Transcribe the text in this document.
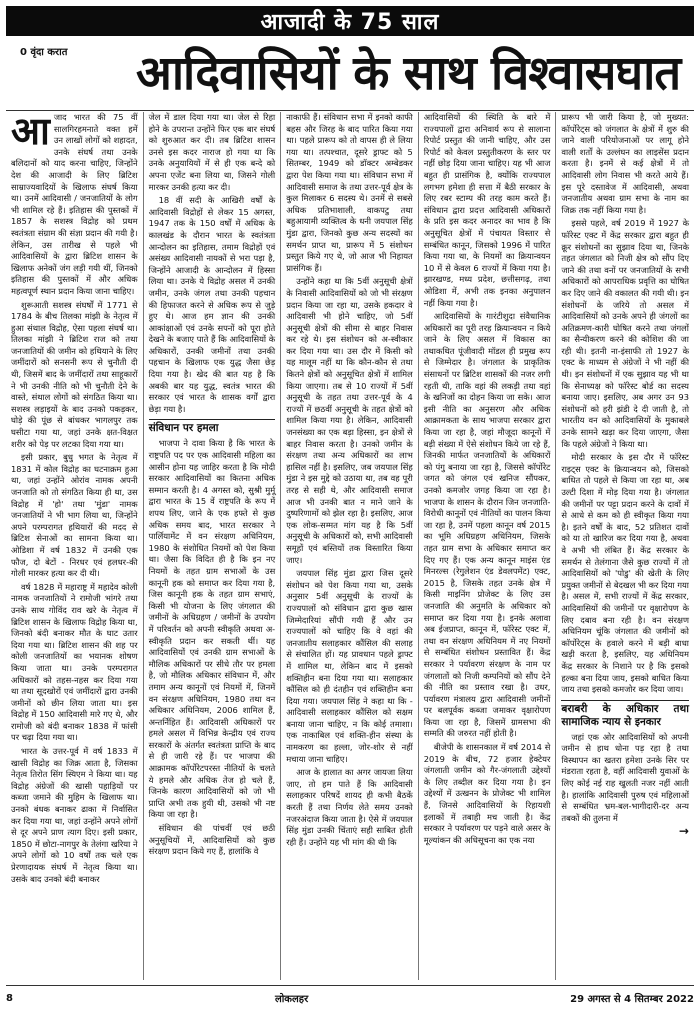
आजादी के 75 साल
0 वृंदा करात आदिवासियों के साथ विश्वासघात
आ जाद भारत की 75 वीं सालगिरहमनाते वक्त हमें उन लाखों लोगों को शहादत, उनके संघर्ष तथा उनके बलिदानों को याद करना चाहिए, जिन्होंने देश की आजादी के लिए ब्रिटिश साम्राज्यवादियों के खिलाफ संघर्ष किया था। उनमें आदिवासी / जनजातियों के लोग भी शामिल रहे हैं। इतिहास की पुस्तकों में 1857 के सशस्त्र विद्रोह को प्रथम स्वतंत्रता संग्राम की संज्ञा प्रदान की गयी है। लेकिन, उस तारीख से पहले भी आदिवासियों के द्वारा ब्रिटिश शासन के खिलाफ अनेकों जंग लड़ी गयी थीं, जिनको इतिहास की पुस्तकों में और अधिक महत्वपूर्ण स्थान प्रदान किया जाना चाहिए।

शुरूआती सशस्त्र संघर्षों में 1771 से 1784 के बीच तिलका मांझी के नेतृत्व में हुआ संथाल विद्रोह, ऐसा पहला संघर्ष था। तिलका मांझी ने ब्रिटिश राज को तथा जनजातियों की जमीन को हथियाने के लिए जमींदारों को सनसनी रूप से चुनौती दी थी, जिसमें बाद के जमींदारों तथा साहूकारों ने भी उनकी नीति को भी चुनौती देने के वास्ते, संथाल लोगों को संगठित किया था। सशस्त्र लड़ाइयों के बाद उनको पकड़कर, घोड़े की पूंछ से बांधकर भागलपुर तक घसीटा गया था, जहां उनके क्षत-विक्षत शरीर को पेड़ पर लटका दिया गया था।

इसी प्रकार, बुधु भगत के नेतृत्व में 1831 में कोल विद्रोह का घटनाक्रम हुआ था, जहां उन्होंने ओरांव नामक अपनी जनजाति को तो संगठित किया ही था, उस विद्रोह में 'हो' तथा 'मुंडा' नामक जनजातियों ने भी भाग लिया था, जिन्होंने अपने परम्परागत हथियारों की मदद से ब्रिटिश सेनाओं का सामना किया था। ओडिशा में वर्ष 1832 में उनकी एक फौज, दो बेटों - निरधर एवं हलधर-की गोली मारकर हत्या कर दी थी।

वर्ष 1828 में महाराष्ट्र में महादेव कोली नामक जनजातियों ने रामोजी भांगरे तथा उनके साथ गोविंद राव खरे के नेतृत्व में ब्रिटिश शासन के खिलाफ विद्रोह किया था, जिनको बंदी बनाकर मौत के घाट उतार दिया गया था। ब्रिटिश शासन की शह पर कोली जनजातियों का भयानक शोषण किया जाता था। उनके परम्परागत अधिकारों को तहस-नहस कर दिया गया था तथा सूदखोरों एवं जमींदारों द्वारा उनकी जमीनों को छीन लिया जाता था। इस विद्रोह में 150 आदिवासी मारे गए थे, और रामोजी को बंदी बनाकर 1838 में फांसी पर चढ़ा दिया गया था।

भारत के उत्तर-पूर्व में वर्ष 1833 में खासी विद्रोह का जिक्र आता है, जिसका नेतृत्व तिरोत सिंग स्यिएम ने किया था। यह विद्रोह अंग्रेजों की खासी पहाड़ियों पर कब्जा जमाने की मुहिम के खिलाफ था। उनको बंधक बनाकर ढाका में निर्वासित कर दिया गया था, जहां उन्होंने अपने लोगों से दूर अपने प्राण त्याग दिए। इसी प्रकार, 1850 में छोटा-नागपुर के तेलंगा खरिया ने अपने लोगों को 10 वर्षों तक चले एक प्रेरणादायक संघर्ष में नेतृत्व किया था। उसके बाद उनको बंदी बनाकर

जेल में डाल दिया गया था। जेल से रिहा होने के उपरान्त उन्होंने फिर एक बार संघर्ष को शुरुआत कर दी। तब ब्रिटिश शासन उनसे इस कदर नाराज हो गया था कि उनके अनुयायियों में से ही एक बन्दे को अपना एजेंट बना लिया था, जिसने गोली मारकर उनकी हत्या कर दी।

18 वीं सदी के आखिरी वर्षों के आदिवासी विद्रोहों से लेकर 15 अगस्त, 1947 तक के 150 वर्षों में अधिक के कालखंड के दौरान भारत के स्वतंत्रता आन्दोलन का इतिहास, तमाम विद्रोहों एवं असंख्य आदिवासी नायकों से भरा पड़ा है, जिन्होंने आजादी के आन्दोलन में हिस्सा लिया था। उनके ये विद्रोह असल में उनकी जमीन, उनके जंगल तथा उनकी पहचान की हिफाजत करने से अधिक रूप से जुड़े हुए थे। आज हम ज्ञान की उनकी आकांक्षाओं एवं उनके सपनों को पूरा होते देखने के बजाए पाते हैं कि आदिवासियों के अधिकारों, उनकी जमीनों तथा उनकी पहचान के खिलाफ एक युद्ध जैसा छेड़ दिया गया है। खेद की बात यह है कि अबकी बार यह युद्ध, स्वतंत्र भारत की सरकार एवं भारत के शासक वर्गों द्वारा छेड़ा गया है।

संविधान पर हमला

भाजपा ने दावा किया है कि भारत के राष्ट्रपति पद पर एक आदिवासी महिला का आसीन होना यह जाहिर करता है कि मोदी सरकार आदिवासियों का कितना अधिक सम्मान करती है। 4 अगस्त को, सुश्री मुर्मू द्वारा भारत के 15 वें राष्ट्रपति के रूप में शपथ लिए, जाने के एक हफ्ते से कुछ अधिक समय बाद, भारत सरकार ने पार्लियामेंट में वन संरक्षण अधिनियम, 1980 के संशोधित नियमों को पेश किया था। जैसा कि विदित ही है कि इन नए नियमों के तहत ग्राम सभाओं के उस कानूनी हक को समाप्त कर दिया गया है, जिस कानूनी हक के तहत ग्राम सभाएं, किसी भी योजना के लिए जंगलात की जमीनों के अधिग्रहण / जमीनों के उपयोग में परिवर्तन को अपनी स्वीकृति अथवा अ-स्वीकृति प्रदान कर सकती थीं। यह आदिवासियों एवं उनकी ग्राम सभाओं के मौलिक अधिकारों पर सीधे तौर पर हमला है, जो मौलिक अधिकार संविधान में, और तमाम अन्य कानूनों एवं नियमों में, जिनमें वन संरक्षण अधिनियम, 1980 तथा वन अधिकार अधिनियम, 2006 शामिल हैं, अन्तर्निहित हैं। आदिवासी अधिकारों पर हमले असल में विभिन्न केन्द्रीय एवं राज्य सरकारों के अंतर्गत स्वतंत्रता प्राप्ति के बाद से ही जारी रहे हैं। पर भाजपा की आक्रामक कॉर्पोरेटपरस्त नीतियों के चलते ये हमले और अधिक तेज हो चले हैं, जिनके कारण आदिवासियों को जो भी प्राप्ति अभी तक हुयी थी, उसको भी नष्ट किया जा रहा है।

संविधान की पांचवीं एवं छठी अनुसूचियों में, आदिवासियों को कुछ संरक्षण प्रदान किये गए हैं, हालांकि वे

नाकाफी हैं। संविधान सभा में इनको काफी बहस और जिरह के बाद पारित किया गया था। पहले प्रारूप को तो वापस ही ले लिया गया था। तत्पश्चात, दूसरे ड्राफ्ट को 5 सितम्बर, 1949 को डॉक्टर अम्बेडकर द्वारा पेश किया गया था। संविधान सभा में आदिवासी समाज के तथा उत्तर-पूर्व क्षेत्र के कुल मिलाकर 6 सदस्य थे। उनमें से सबसे अधिक प्रतिभाशाली, वाकपटु तथा बहुआयामी व्यक्तित्व के धनी जयपाल सिंह मुंडा द्वारा, जिनको कुछ अन्य सदस्यों का समर्थन प्राप्त था, प्रारूप में 5 संशोधन प्रस्तुत किये गए थे, जो आज भी निहायत प्रासंगिक हैं।

उन्होंने कहा था कि 5वीं अनुसूची क्षेत्रों के निवासी आदिवासियों को जो भी संरक्षण प्रदान किया जा रहा था, उसके हकदार वे आदिवासी भी होने चाहिए, जो 5वीं अनुसूची क्षेत्रों की सीमा से बाहर निवास कर रहे थे। इस संशोधन को अ-स्वीकार कर दिया गया था। उस दौर में किसी को यह मालूम नहीं था कि कौन-कौन से तथा कितने क्षेत्रों को अनुसूचित क्षेत्रों में शामिल किया जाएगा। तब से 10 राज्यों में 5वीं अनुसूची के तहत तथा उत्तर-पूर्व के 4 राज्यों में छठवीं अनुसूची के तहत क्षेत्रों को शामिल किया गया है। लेकिन, आदिवासी जनसंख्या का एक बड़ा हिस्सा, इन क्षेत्रों से बाहर निवास करता है। उनको जमीन के संरक्षण तथा अन्य अधिकारों का लाभ हासिल नहीं है। इसलिए, जब जयपाल सिंह मुंडा ने इस मुद्दे को उठाया था, तब वह पूरी तरह से सही थे, और आदिवासी समाज आज भी उनकी बात न माने जाने के दुष्परिणामों को झेल रहा है। इसलिए, आज एक लोक-सम्मत मांग यह है कि 5वीं अनुसूची के अधिकारों को, सभी आदिवासी समूहों एवं बस्तियों तक विस्तारित किया जाए।

जयपाल सिंह मुंडा द्वारा जिस दूसरे संशोधन को पेश किया गया था, उसके अनुसार 5वीं अनुसूची के राज्यों के राज्यपालों को संविधान द्वारा कुछ खास जिम्मेदारियां सौंपी गयी हैं और उन राज्यपालों को चाहिए कि वे वहां की जनजातीय सलाहकार कौंसिल की सलाह से संचालित हों। यह प्रावधान पहले ड्राफ्ट में शामिल था, लेकिन बाद में इसको शक्तिहीन बना दिया गया था। सलाहकार कौंसिल को ही दंतहीन एवं शक्तिहीन बना दिया गया। जयपाल सिंह ने कहा था कि - आदिवासी सलाहकार कौंसिल को सक्षम बनाया जाना चाहिए, न कि कोई तमाशा। एक नाकाबिल एवं शक्ति-हीन संस्था के नामकरण का हल्ला, जोर-शोर से नहीं मचाया जाना चाहिए।

आज के हालात का अगर जायजा लिया जाए, तो हम पाते हैं कि आदिवासी सलाहकार परिषदें शायद ही कभी बैठकें करती हैं तथा निर्णय लेते समय उनको नजरअंदाज किया जाता है। ऐसे में जयपाल सिंह मुंडा उनकी चिंताएं सही साबित होती रही हैं। उन्होंने यह भी मांग की थी कि

आदिवासियों की स्थिति के बारे में राज्यपालों द्वारा अनिवार्य रूप से सालाना रिपोर्ट प्रस्तुत की जानी चाहिए, और उस रिपोर्ट को केवल प्रस्तुतीकरण के स्तर पर नहीं छोड़ दिया जाना चाहिए। यह भी आज बहुत ही प्रासंगिक है, क्योंकि राज्यपाल लगभग हमेशा ही सत्ता में बैठी सरकार के लिए रबर स्टाम्प की तरह काम करते हैं। संविधान द्वारा प्रदत्त आदिवासी अधिकारों के प्रति इस कदर अनादर का भाव है कि अनुसूचित क्षेत्रों में पंचायत विस्तार से सम्बंधित कानून, जिसको 1996 में पारित किया गया था, के नियमों का क्रियान्वयन 10 में से केवल 6 राज्यों में किया गया है। झारखण्ड, मध्य प्रदेश, छत्तीसगढ़, तथा ओडिशा में, अभी तक इनका अनुपालन नहीं किया गया है।

आदिवासियों के गारंटीशुदा संवैधानिक अधिकारों का पूरी तरह क्रियान्वयन न किये जाने के लिए असल में विकास का तथाकथित पूंजीवादी मॉडल ही प्रमुख रूप से जिम्मेदार है। जंगलात के प्राकृतिक संसाधनों पर ब्रिटिश शासकों की नजर लगी रहती थी, ताकि वहां की लकड़ी तथा वहां के खनिजों का दोहन किया जा सके। आज इसी नीति का अनुसरण और अधिक आक्रामकता के साथ भाजपा सरकार द्वारा किया जा रहा है, जहां मौजूदा कानूनों में बड़ी संख्या में ऐसे संशोधन किये जा रहे हैं, जिनकी मार्फत जनजातियों के अधिकारों को पंगु बनाया जा रहा है, जिससे कॉर्पोरेट जगत को जंगल एवं खनिज सौंपकर, उनको कमजोर जगह किया जा रहा है। भाजपा के शासन के दौरान जिन जनजाति-विरोधी कानूनों एवं नीतियों का पालन किया जा रहा है, उनमें पहला कानून वर्ष 2015 का भूमि अधिग्रहण अधिनियम, जिसके तहत ग्राम सभा के अधिकार समाप्त कर दिए गए हैं। एक अन्य कानून माइंस एंड मिनरल्स (रेगुलेशन एंड डेवलपमेंट) एक्ट, 2015 है, जिसके तहत उनके क्षेत्र में किसी माइनिंग प्रोजेक्ट के लिए उस जनजाति की अनुमति के अधिकार को समाप्त कर दिया गया है। इनके अलावा अब ईजप्राप्त, कानून में, फॉरेस्ट एक्ट में, तथा वन संरक्षण अधिनियम में नए नियमों से सम्बंधित संशोधन प्रस्तावित हैं। केंद्र सरकार ने पर्यावरण संरक्षण के नाम पर जंगलातों को निजी कम्पनियों को सौंप देने की नीति का प्रस्ताव रखा है। उधर, पर्यावरण मंत्रालय द्वारा आदिवासी जमीनों पर बलपूर्वक कब्जा जमाकर वृक्षारोपण किया जा रहा है, जिसमें ग्रामसभा की सम्मति की जरुरत नहीं होती है।

बीजेपी के शासनकाल में वर्ष 2014 से 2019 के बीच, 72 हजार हेक्टेयर जंगलाती जमीन को गैर-जंगलाती उद्देश्यों के लिए तब्दील कर दिया गया है। इन उद्देश्यों में उत्खनन के प्रोजेक्ट भी शामिल हैं, जिनसे आदिवासियों के रिहायशी इलाकों में तबाही मच जाती है। केंद्र सरकार ने पर्यावरण पर पड़ने वाले असर के मूल्यांकन की अधिसूचना का एक नया

प्रारूप भी जारी किया है, जो मुख्यत: कॉर्पोरेट्स को जंगलात के क्षेत्रों में शुरु की जाने वाली परियोजनाओं पर लागू होने वाली शर्तों के उल्लंघन का लाइसेंस प्रदान करता है। इनमें से कई क्षेत्रों में तो आदिवासी लोग निवास भी करते आये हैं। इस पूरे दस्तावेज में आदिवासी, अथवा जनजातीय अथवा ग्राम सभा के नाम का जिक्र तक नहीं किया गया है।

इससे पहले, वर्ष 2019 में 1927 के फॉरेस्ट एक्ट में केंद्र सरकार द्वारा बहुत ही क्रूर संशोधनों का सुझाव दिया था, जिनके तहत जंगलात को निजी क्षेत्र को सौंप दिए जाने की तथा वनों पर जनजातियों के सभी अधिकारों को आपराधिक प्रवृत्ति का घोषित कर दिए जाने की वकालत की गयी थी। इन संशोधनों के जरिये तो असल में आदिवासियों को उनके अपने ही जंगलों का अतिक्रमण-कारी घोषित करने तथा जंगलों का सैन्यीकरण करने की कोशिश की जा रही थी। इतनी ना-इंसाफी तो 1927 के एक्ट के माध्यम से अंग्रेजों ने भी नहीं की थी। इन संशोधनों में एक सुझाव यह भी था कि सेनाध्यक्ष को फॉरेस्ट बोर्ड का सदस्य बनाया जाए। इसलिए, अब अगर उन 93 संशोधनों को हरी झंडी दे दी जाती है, तो भारतीय वन को आदिवासियों के मुकाबले उनके सामने खड़ा कर दिया जाएगा, जैसा कि पहले अंग्रेजों ने किया था।

मोदी सरकार के इस दौर में फॉरेस्ट राइट्स एक्ट के क्रियान्वयन को, जिसको बाधित तो पहले से किया जा रहा था, अब उल्टी दिशा में मोड़ दिया गया है। जंगलात की जमीनों पर पट्टा प्रदान करने के दावों में से आधे से कम को ही स्वीकृत किया गया है। इतने वर्षों के बाद, 52 प्रतिशत दावों को या तो खारिज कर दिया गया है, अथवा वे अभी भी लंबित हैं। केंद्र सरकार के समर्थन से तेलंगाना जैसे कुछ राज्यों में तो आदिवासियों को 'पोडु' की खेती के लिए प्रयुक्त जमीनों से बेदखल भी कर दिया गया है। असल में, सभी राज्यों में केंद्र सरकार, आदिवासियों की जमीनों पर वृक्षारोपण के लिए दबाव बना रही है। वन संरक्षण अधिनियम चूंकि जंगलात की जमीनों को कॉर्पोरेट्स के हवाले करने में बड़ी बाधा खड़ी करता है, इसलिए, यह अधिनियम केंद्र सरकार के निशाने पर है कि इसको हल्का बना दिया जाय, इसको बाधित किया जाय तथा इसको कमजोर कर दिया जाय।

बराबरी के अधिकार तथा सामाजिक न्याय से इनकार

जहां एक ओर आदिवासियों को अपनी जमीन से हाथ धोना पड़ रहा है तथा विस्थापन का खतरा हमेशा उनके सिर पर मंडराता रहता है, वहीं आदिवासी युवाओं के लिए कोई नई राह खुलती नजर नहीं आती है। हालांकि आदिवासी पुरुष एवं महिलाओं से सम्बंधित भ्रम-बल-भागीदारी-दर अन्य तबकों की तुलना में

→
8	लोकलहर	29 अगस्त से 4 सितम्बर 2022
